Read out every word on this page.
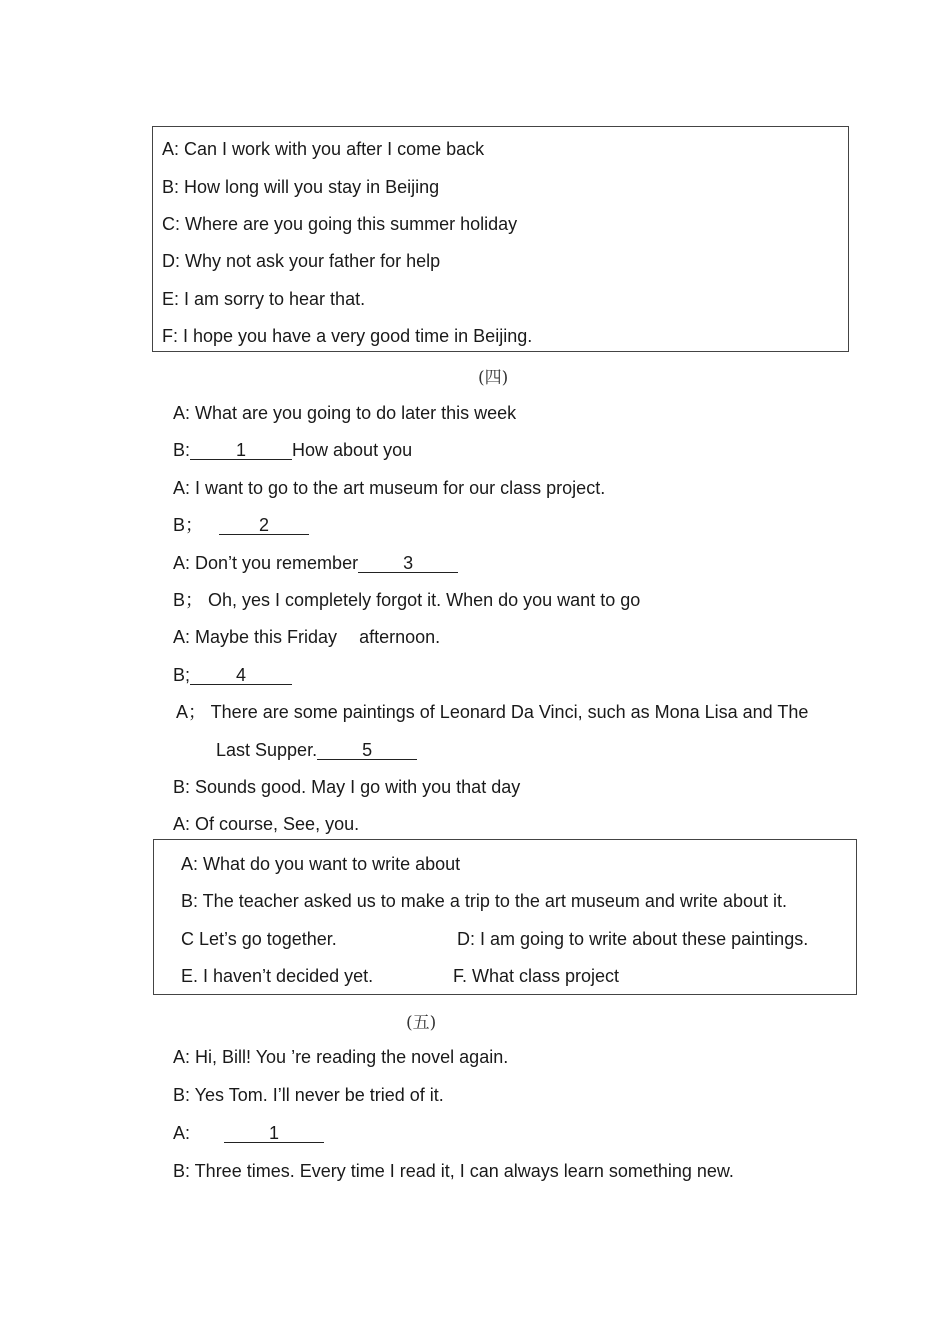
A: Can I work with you after I come back
B: How long will you stay in Beijing
C: Where are you going this summer holiday
D: Why not ask your father for help
E: I am sorry to hear that.
F: I hope you have a very good time in Beijing.
(四)
A: What are you going to do later this week
B:	1	How about you
A: I want to go to the art museum for our class project.
B；	2
A: Don’t you remember 3
B； Oh, yes I completely forgot it. When do you want to go
A: Maybe this Friday afternoon.
B;	4
A； There are some paintings of Leonard Da Vinci, such as Mona Lisa and The
Last Supper. 5
B: Sounds good. May I go with you that day
A: Of course, See, you.
A: What do you want to write about
B: The teacher asked us to make a trip to the art museum and write about it.
C Let’s go together.	D: I am going to write about these paintings.
E. I haven’t decided yet.	F. What class project
(五)
A: Hi, Bill! You ’re reading the novel again.
B: Yes Tom. I’ll never be tried of it.
A:	1
B: Three times. Every time I read it, I can always learn something new.
